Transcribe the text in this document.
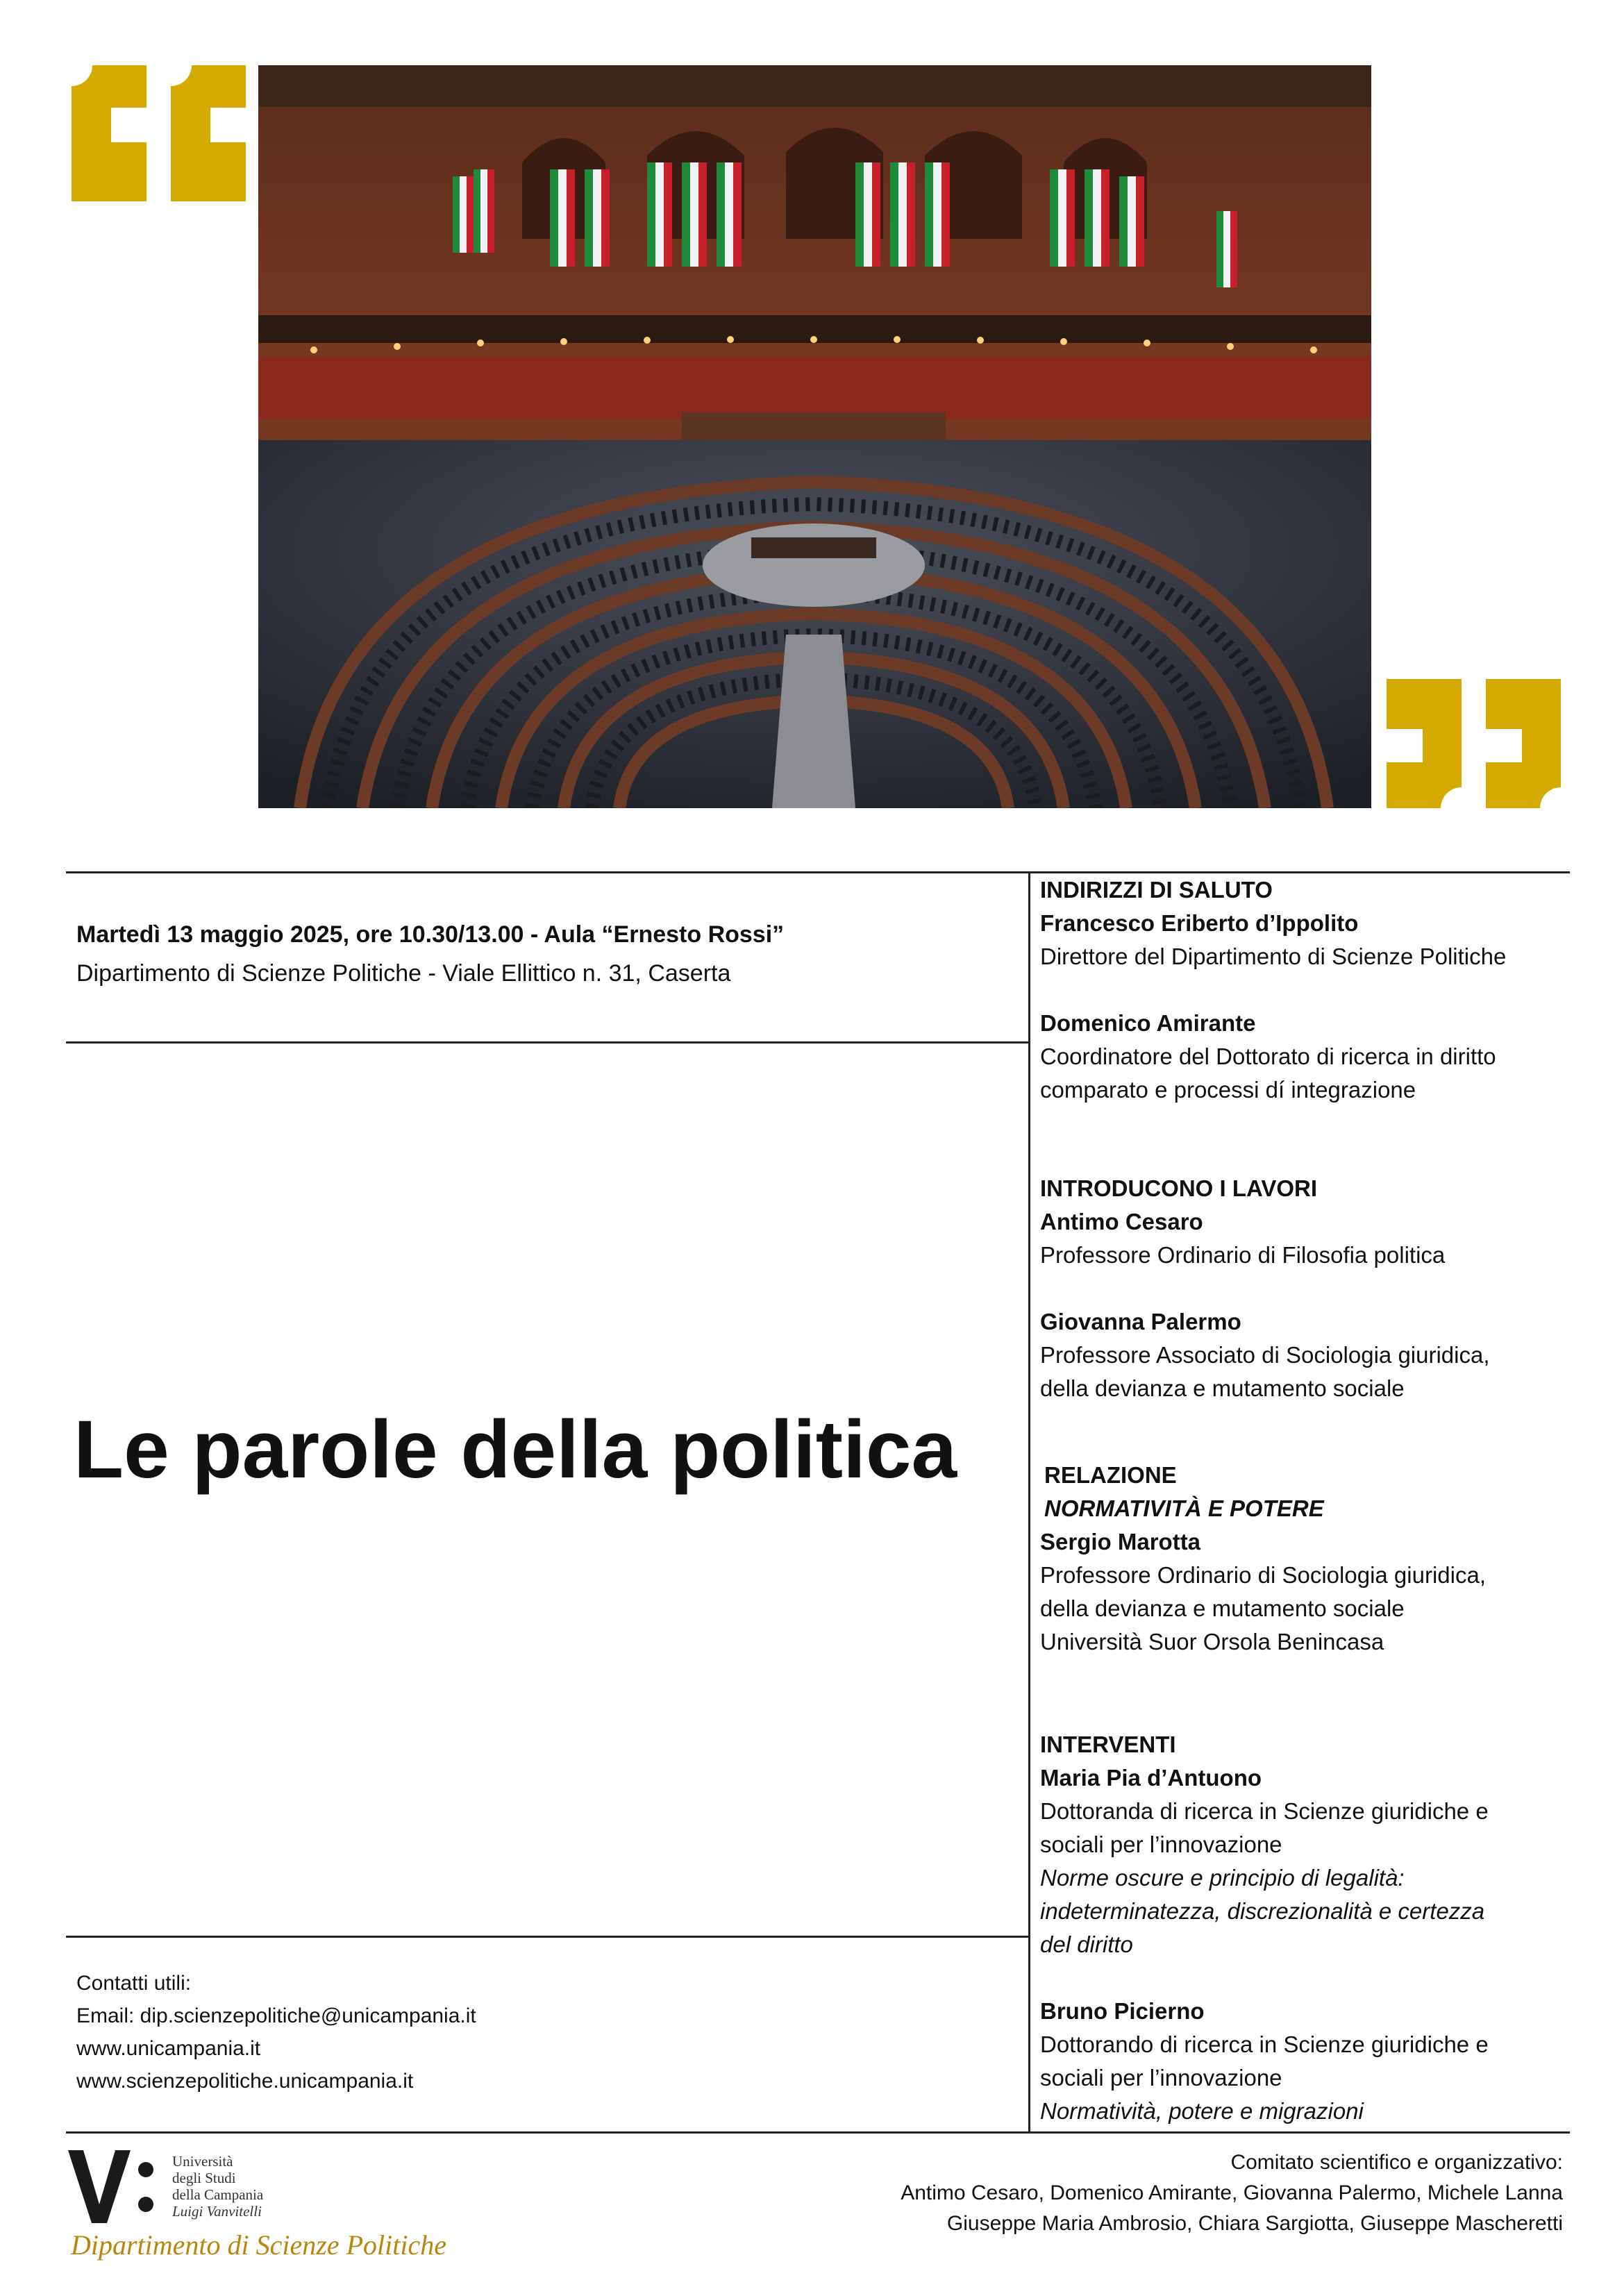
Martedì 13 maggio 2025, ore 10.30/13.00 - Aula “Ernesto Rossi”
Dipartimento di Scienze Politiche - Viale Ellittico n. 31, Caserta
Le parole della politica
INDIRIZZI DI SALUTO
Francesco Eriberto d’Ippolito
Direttore del Dipartimento di Scienze Politiche
Domenico Amirante
Coordinatore del Dottorato di ricerca in diritto
comparato e processi dí integrazione
INTRODUCONO I LAVORI
Antimo Cesaro
Professore Ordinario di Filosofia politica
Giovanna Palermo
Professore Associato di Sociologia giuridica,
della devianza e mutamento sociale
RELAZIONE
NORMATIVITÀ E POTERE
Sergio Marotta
Professore Ordinario di Sociologia giuridica,
della devianza e mutamento sociale
Università Suor Orsola Benincasa
INTERVENTI
Maria Pia d’Antuono
Dottoranda di ricerca in Scienze giuridiche e
sociali per l’innovazione
Norme oscure e principio di legalità:
indeterminatezza, discrezionalità e certezza
del diritto
Bruno Picierno
Dottorando di ricerca in Scienze giuridiche e
sociali per l’innovazione
Normatività, potere e migrazioni
Contatti utili:
Email: dip.scienzepolitiche@unicampania.it
www.unicampania.it
www.scienzepolitiche.unicampania.it
Università
degli Studi
della Campania
Luigi Vanvitelli
Dipartimento di Scienze Politiche
Comitato scientifico e organizzativo:
Antimo Cesaro, Domenico Amirante, Giovanna Palermo, Michele Lanna
Giuseppe Maria Ambrosio, Chiara Sargiotta, Giuseppe Mascheretti
